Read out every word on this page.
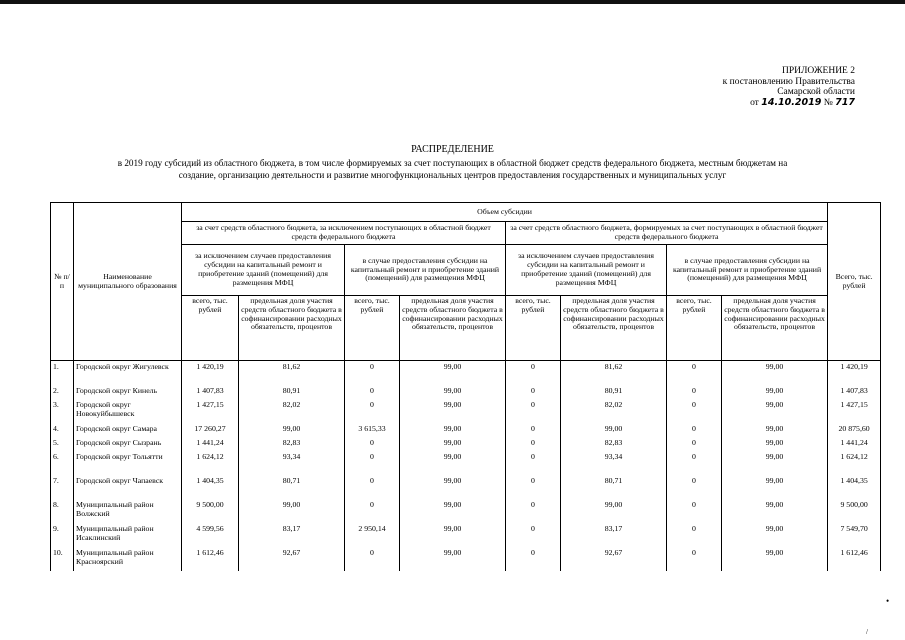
ПРИЛОЖЕНИЕ 2
к постановлению Правительства
Самарской области
от 14.10.2019 № 717
РАСПРЕДЕЛЕНИЕ
в 2019 году субсидий из областного бюджета, в том числе формируемых за счет поступающих в областной бюджет средств федерального бюджета, местным бюджетам на
создание, организацию деятельности и развитие многофункциональных центров предоставления государственных и муниципальных услуг
№ п/п	Наименование муниципального образования	Объем субсидии								Всего, тыс. рублей
		за счет средств областного бюджета, за исключением поступающих в областной бюджет средств федерального бюджета				за счет средств областного бюджета, формируемых за счет поступающих в областной бюджет средств федерального бюджета				
		за исключением случаев предоставления субсидии на капитальный ремонт и приобретение зданий (помещений) для размещения МФЦ		в случае предоставления субсидии на капитальный ремонт и приобретение зданий (помещений) для размещения МФЦ		за исключением случаев предоставления субсидии на капитальный ремонт и приобретение зданий (помещений) для размещения МФЦ		в случае предоставления субсидии на капитальный ремонт и приобретение зданий (помещений) для размещения МФЦ		
		всего, тыс. рублей	предельная доля участия средств областного бюджета в софинансировании расходных обязательств, процентов	всего, тыс. рублей	предельная доля участия средств областного бюджета в софинансировании расходных обязательств, процентов	всего, тыс. рублей	предельная доля участия средств областного бюджета в софинансировании расходных обязательств, процентов	всего, тыс. рублей	предельная доля участия средств областного бюджета в софинансировании расходных обязательств, процентов	
1.	Городской округ Жигулевск	1 420,19	81,62	0	99,00	0	81,62	0	99,00	1 420,19
2.	Городской округ Кинель	1 407,83	80,91	0	99,00	0	80,91	0	99,00	1 407,83
3.	Городской округ Новокуйбышевск	1 427,15	82,02	0	99,00	0	82,02	0	99,00	1 427,15
4.	Городской округ Самара	17 260,27	99,00	3 615,33	99,00	0	99,00	0	99,00	20 875,60
5.	Городской округ Сызрань	1 441,24	82,83	0	99,00	0	82,83	0	99,00	1 441,24
6.	Городской округ Тольятти	1 624,12	93,34	0	99,00	0	93,34	0	99,00	1 624,12
7.	Городской округ Чапаевск	1 404,35	80,71	0	99,00	0	80,71	0	99,00	1 404,35
8.	Муниципальный район Волжский	9 500,00	99,00	0	99,00	0	99,00	0	99,00	9 500,00
9.	Муниципальный район Исаклинский	4 599,56	83,17	2 950,14	99,00	0	83,17	0	99,00	7 549,70
10.	Муниципальный район Красноярский	1 612,46	92,67	0	99,00	0	92,67	0	99,00	1 612,46
•
/
